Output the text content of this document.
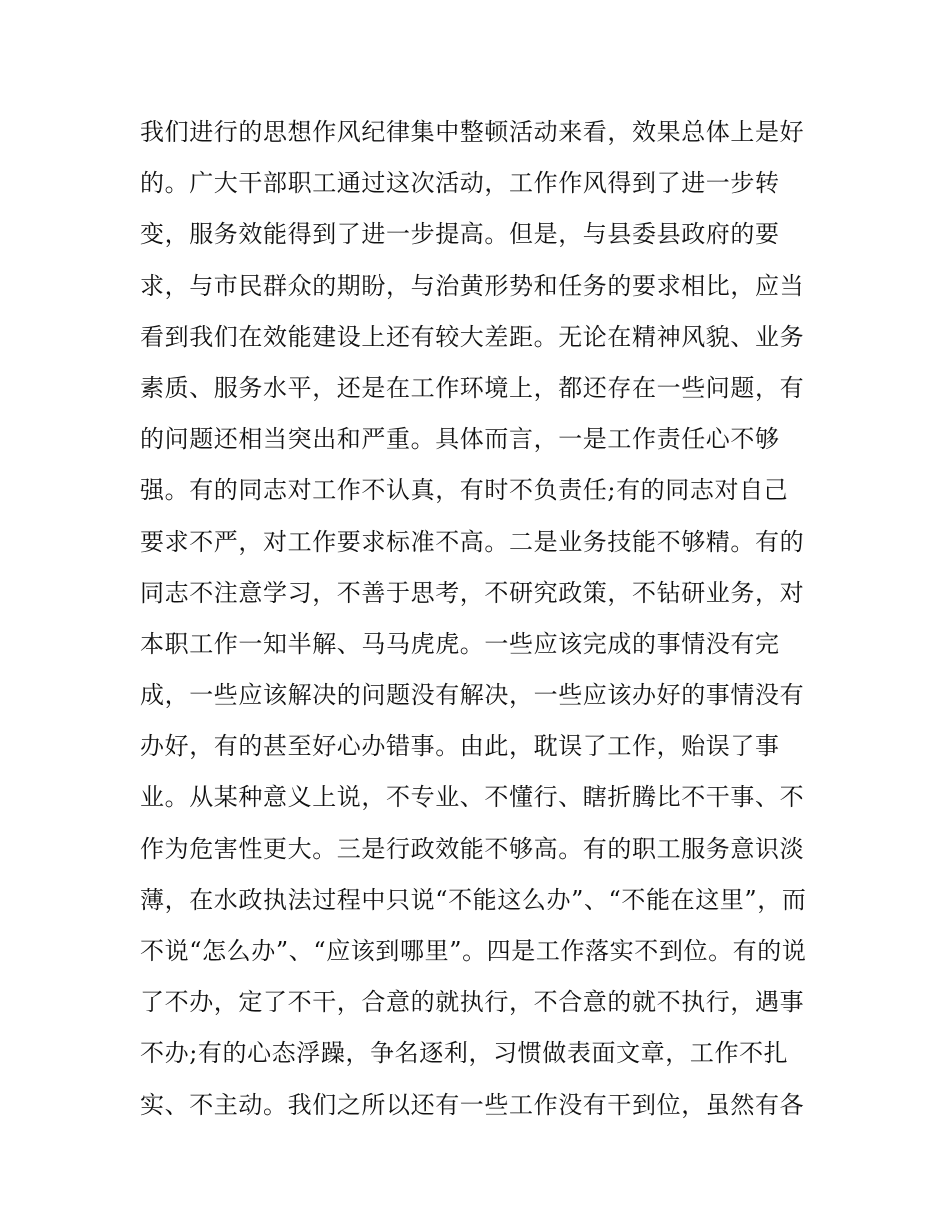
我们进行的思想作风纪律集中整顿活动来看，效果总体上是好
的。广大干部职工通过这次活动，工作作风得到了进一步转
变，服务效能得到了进一步提高。但是，与县委县政府的要
求，与市民群众的期盼，与治黄形势和任务的要求相比，应当
看到我们在效能建设上还有较大差距。无论在精神风貌、业务
素质、服务水平，还是在工作环境上，都还存在一些问题，有
的问题还相当突出和严重。具体而言，一是工作责任心不够
强。有的同志对工作不认真，有时不负责任;有的同志对自己
要求不严，对工作要求标准不高。二是业务技能不够精。有的
同志不注意学习，不善于思考，不研究政策，不钻研业务，对
本职工作一知半解、马马虎虎。一些应该完成的事情没有完
成，一些应该解决的问题没有解决，一些应该办好的事情没有
办好，有的甚至好心办错事。由此，耽误了工作，贻误了事
业。从某种意义上说，不专业、不懂行、瞎折腾比不干事、不
作为危害性更大。三是行政效能不够高。有的职工服务意识淡
薄，在水政执法过程中只说“不能这么办”、“不能在这里”，而
不说“怎么办”、“应该到哪里”。四是工作落实不到位。有的说
了不办，定了不干，合意的就执行，不合意的就不执行，遇事
不办;有的心态浮躁，争名逐利，习惯做表面文章，工作不扎
实、不主动。我们之所以还有一些工作没有干到位，虽然有各
